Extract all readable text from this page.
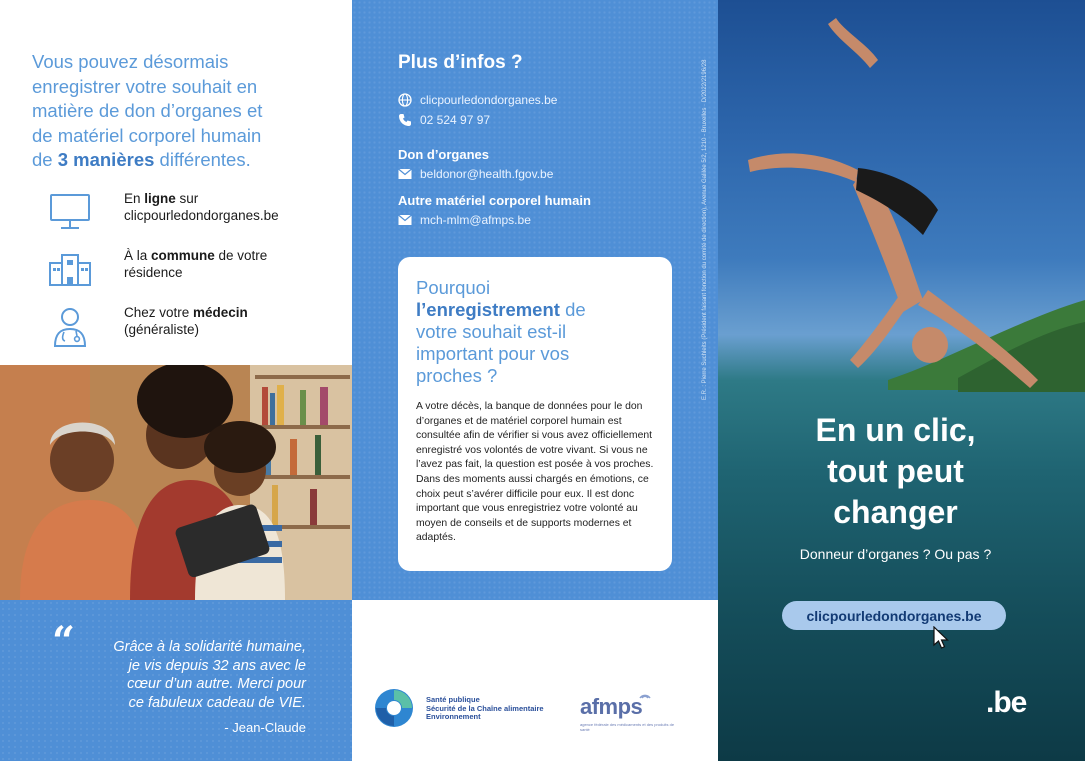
Vous pouvez désormais
enregistrer votre souhait en
matière de don d’organes et
de matériel corporel humain
de 3 manières différentes.
En ligne sur
clicpourledondorganes.be
À la commune de votre
résidence
Chez votre médecin
(généraliste)
“	Grâce à la solidarité humaine,
je vis depuis 32 ans avec le
cœur d’un autre. Merci pour
ce fabuleux cadeau de VIE.
- Jean-Claude
Plus d’infos ?
clicpourledondorganes.be
02 524 97 97
Don d’organes
beldonor@health.fgov.be
Autre matériel corporel humain
mch-mlm@afmps.be	E.R. : Pierre Suchleits (Président faisant fonction du comité de direction), Avenue Galilée 5/2, 1210 - Bruxelles · D/2022/2196/28
Pourquoi
l’enregistrement de
votre souhait est-il
important pour vos
proches ?
A votre décès, la banque de données pour le don d’organes et de matériel corporel humain est consultée afin de vérifier si vous avez officiellement enregistré vos volontés de votre vivant. Si vous ne l’avez pas fait, la question est posée à vos proches. Dans des moments aussi chargés en émotions, ce choix peut s’avérer difficile pour eux. Il est donc important que vous enregistriez votre volonté au moyen de conseils et de supports modernes et adaptés.
Santé publique
Sécurité de la Chaîne alimentaire
Environnement	afmps
agence fédérale des médicaments et des produits de santé
En un clic,
tout peut
changer
Donneur d’organes ? Ou pas ?
clicpourledondorganes.be
.be
